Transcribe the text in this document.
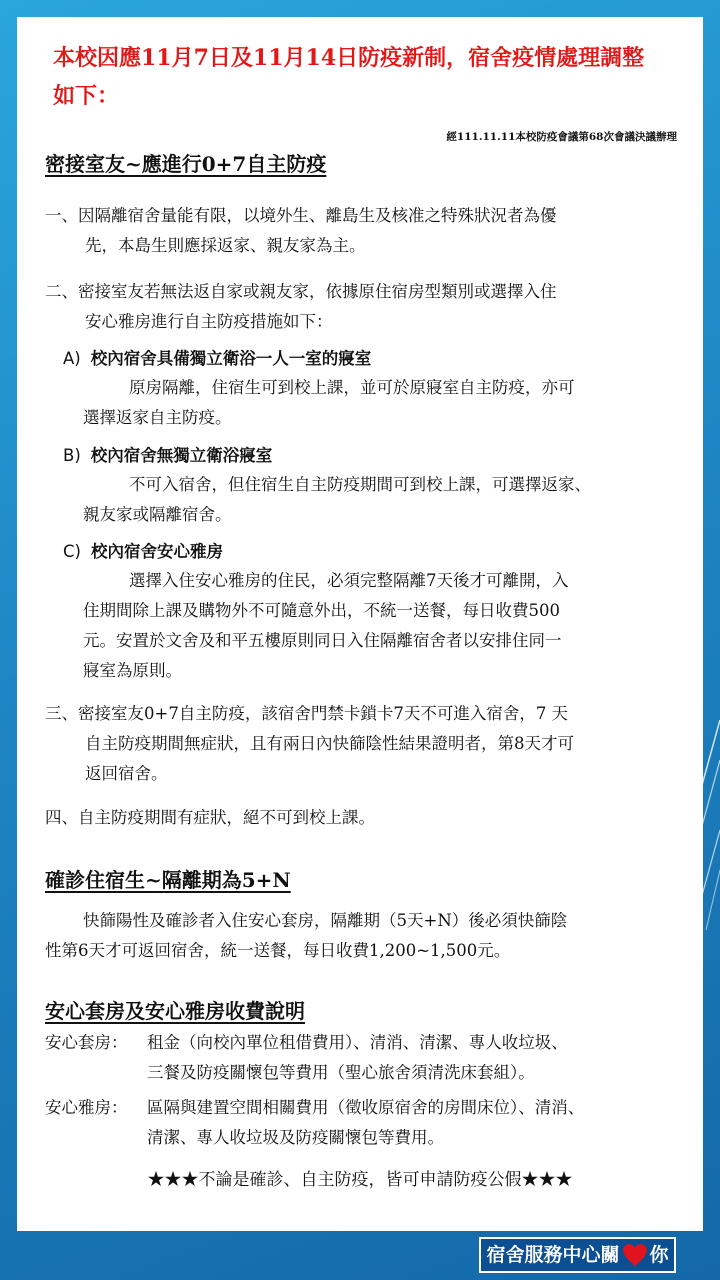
本校因應11月7日及11月14日防疫新制，宿舍疫情處理調整
如下：
經111.11.11本校防疫會議第68次會議決議辦理
密接室友~應進行0+7自主防疫
一、因隔離宿舍量能有限，以境外生、離島生及核准之特殊狀況者為優
先，本島生則應採返家、親友家為主。
二、密接室友若無法返自家或親友家，依據原住宿房型類別或選擇入住
安心雅房進行自主防疫措施如下：
A) 校內宿舍具備獨立衛浴一人一室的寢室
原房隔離，住宿生可到校上課，並可於原寢室自主防疫，亦可
選擇返家自主防疫。
B) 校內宿舍無獨立衛浴寢室
不可入宿舍，但住宿生自主防疫期間可到校上課，可選擇返家、
親友家或隔離宿舍。
C) 校內宿舍安心雅房
選擇入住安心雅房的住民，必須完整隔離7天後才可離開，入
住期間除上課及購物外不可隨意外出，不統一送餐，每日收費500
元。安置於文舍及和平五樓原則同日入住隔離宿舍者以安排住同一
寢室為原則。
三、密接室友0+7自主防疫，該宿舍門禁卡鎖卡7天不可進入宿舍，7 天
自主防疫期間無症狀，且有兩日內快篩陰性結果證明者，第8天才可
返回宿舍。
四、自主防疫期間有症狀，絕不可到校上課。
確診住宿生~隔離期為5+N
快篩陽性及確診者入住安心套房，隔離期（5天+N）後必須快篩陰
性第6天才可返回宿舍，統一送餐，每日收費1,200~1,500元。
安心套房及安心雅房收費說明
安心套房： 租金（向校內單位租借費用）、清消、清潔、專人收垃圾、
三餐及防疫關懷包等費用（聖心旅舍須清洗床套組）。
安心雅房： 區隔與建置空間相關費用（徵收原宿舍的房間床位）、清消、
清潔、專人收垃圾及防疫關懷包等費用。
★★★不論是確診、自主防疫，皆可申請防疫公假★★★
宿舍服務中心關 你
